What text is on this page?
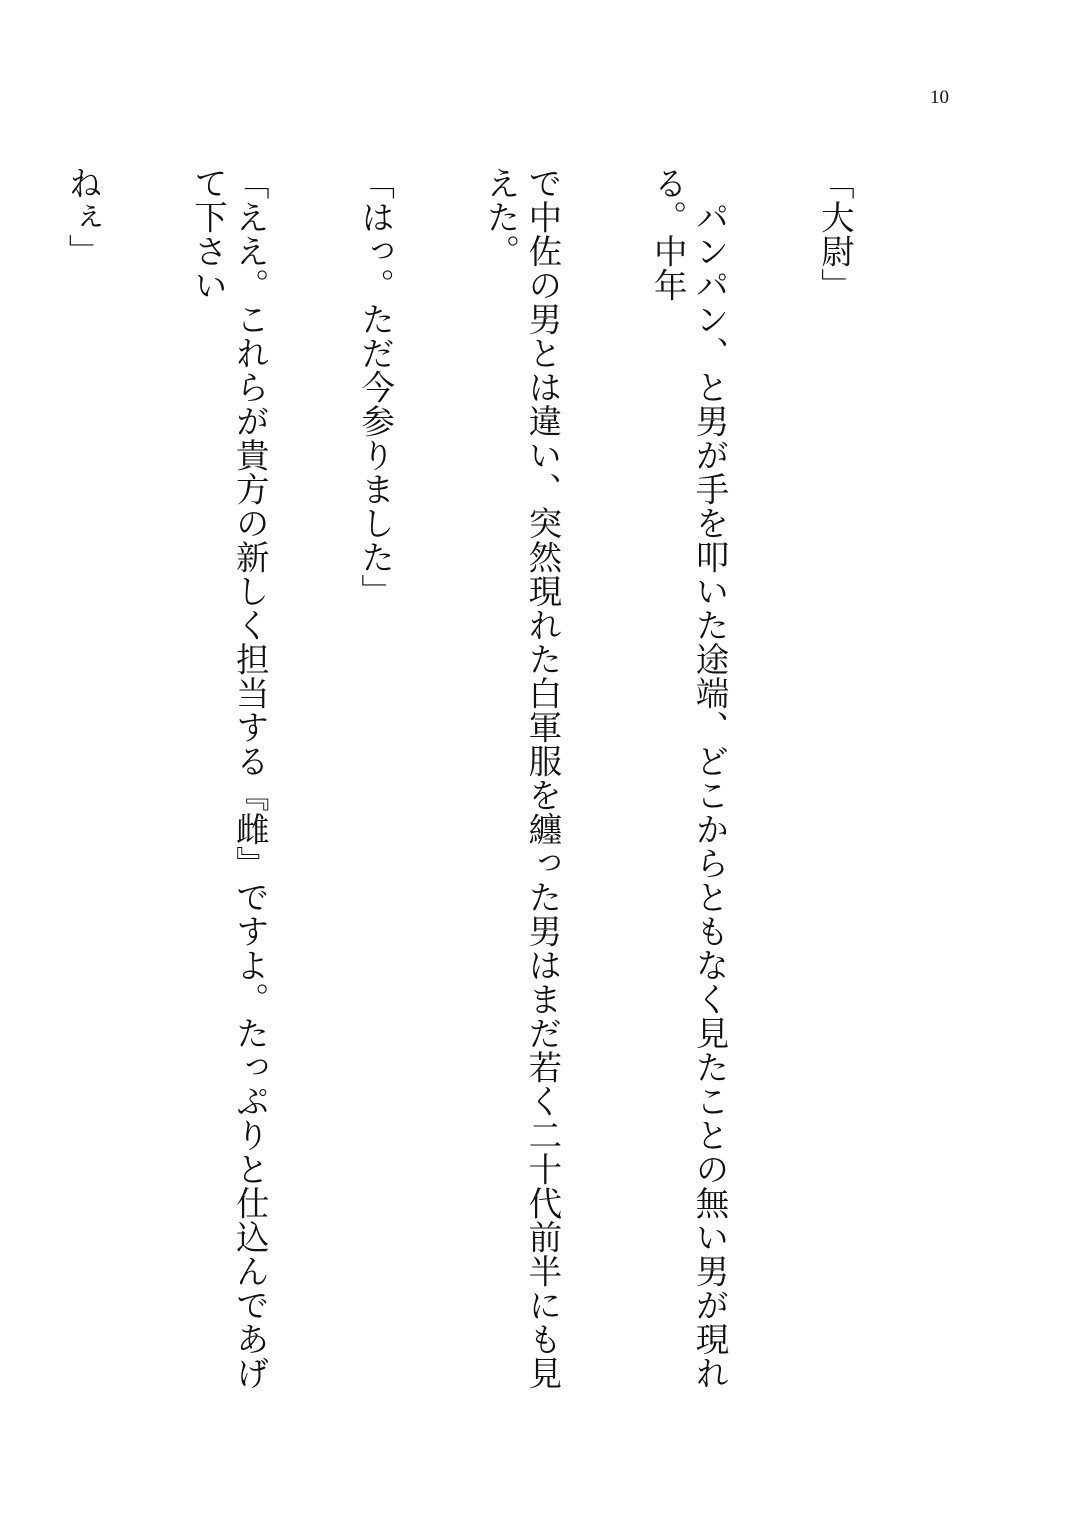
10

「大尉」

　パンパン、と男が手を叩いた途端、どこからともなく見たことの無い男が現れる。中年

で中佐の男とは違い、突然現れた白軍服を纏った男はまだ若く二十代前半にも見えた。

「はっ。ただ今参りました」

「ええ。これらが貴方の新しく担当する『雌』ですよ。たっぷりと仕込んであげて下さい

ねぇ」
